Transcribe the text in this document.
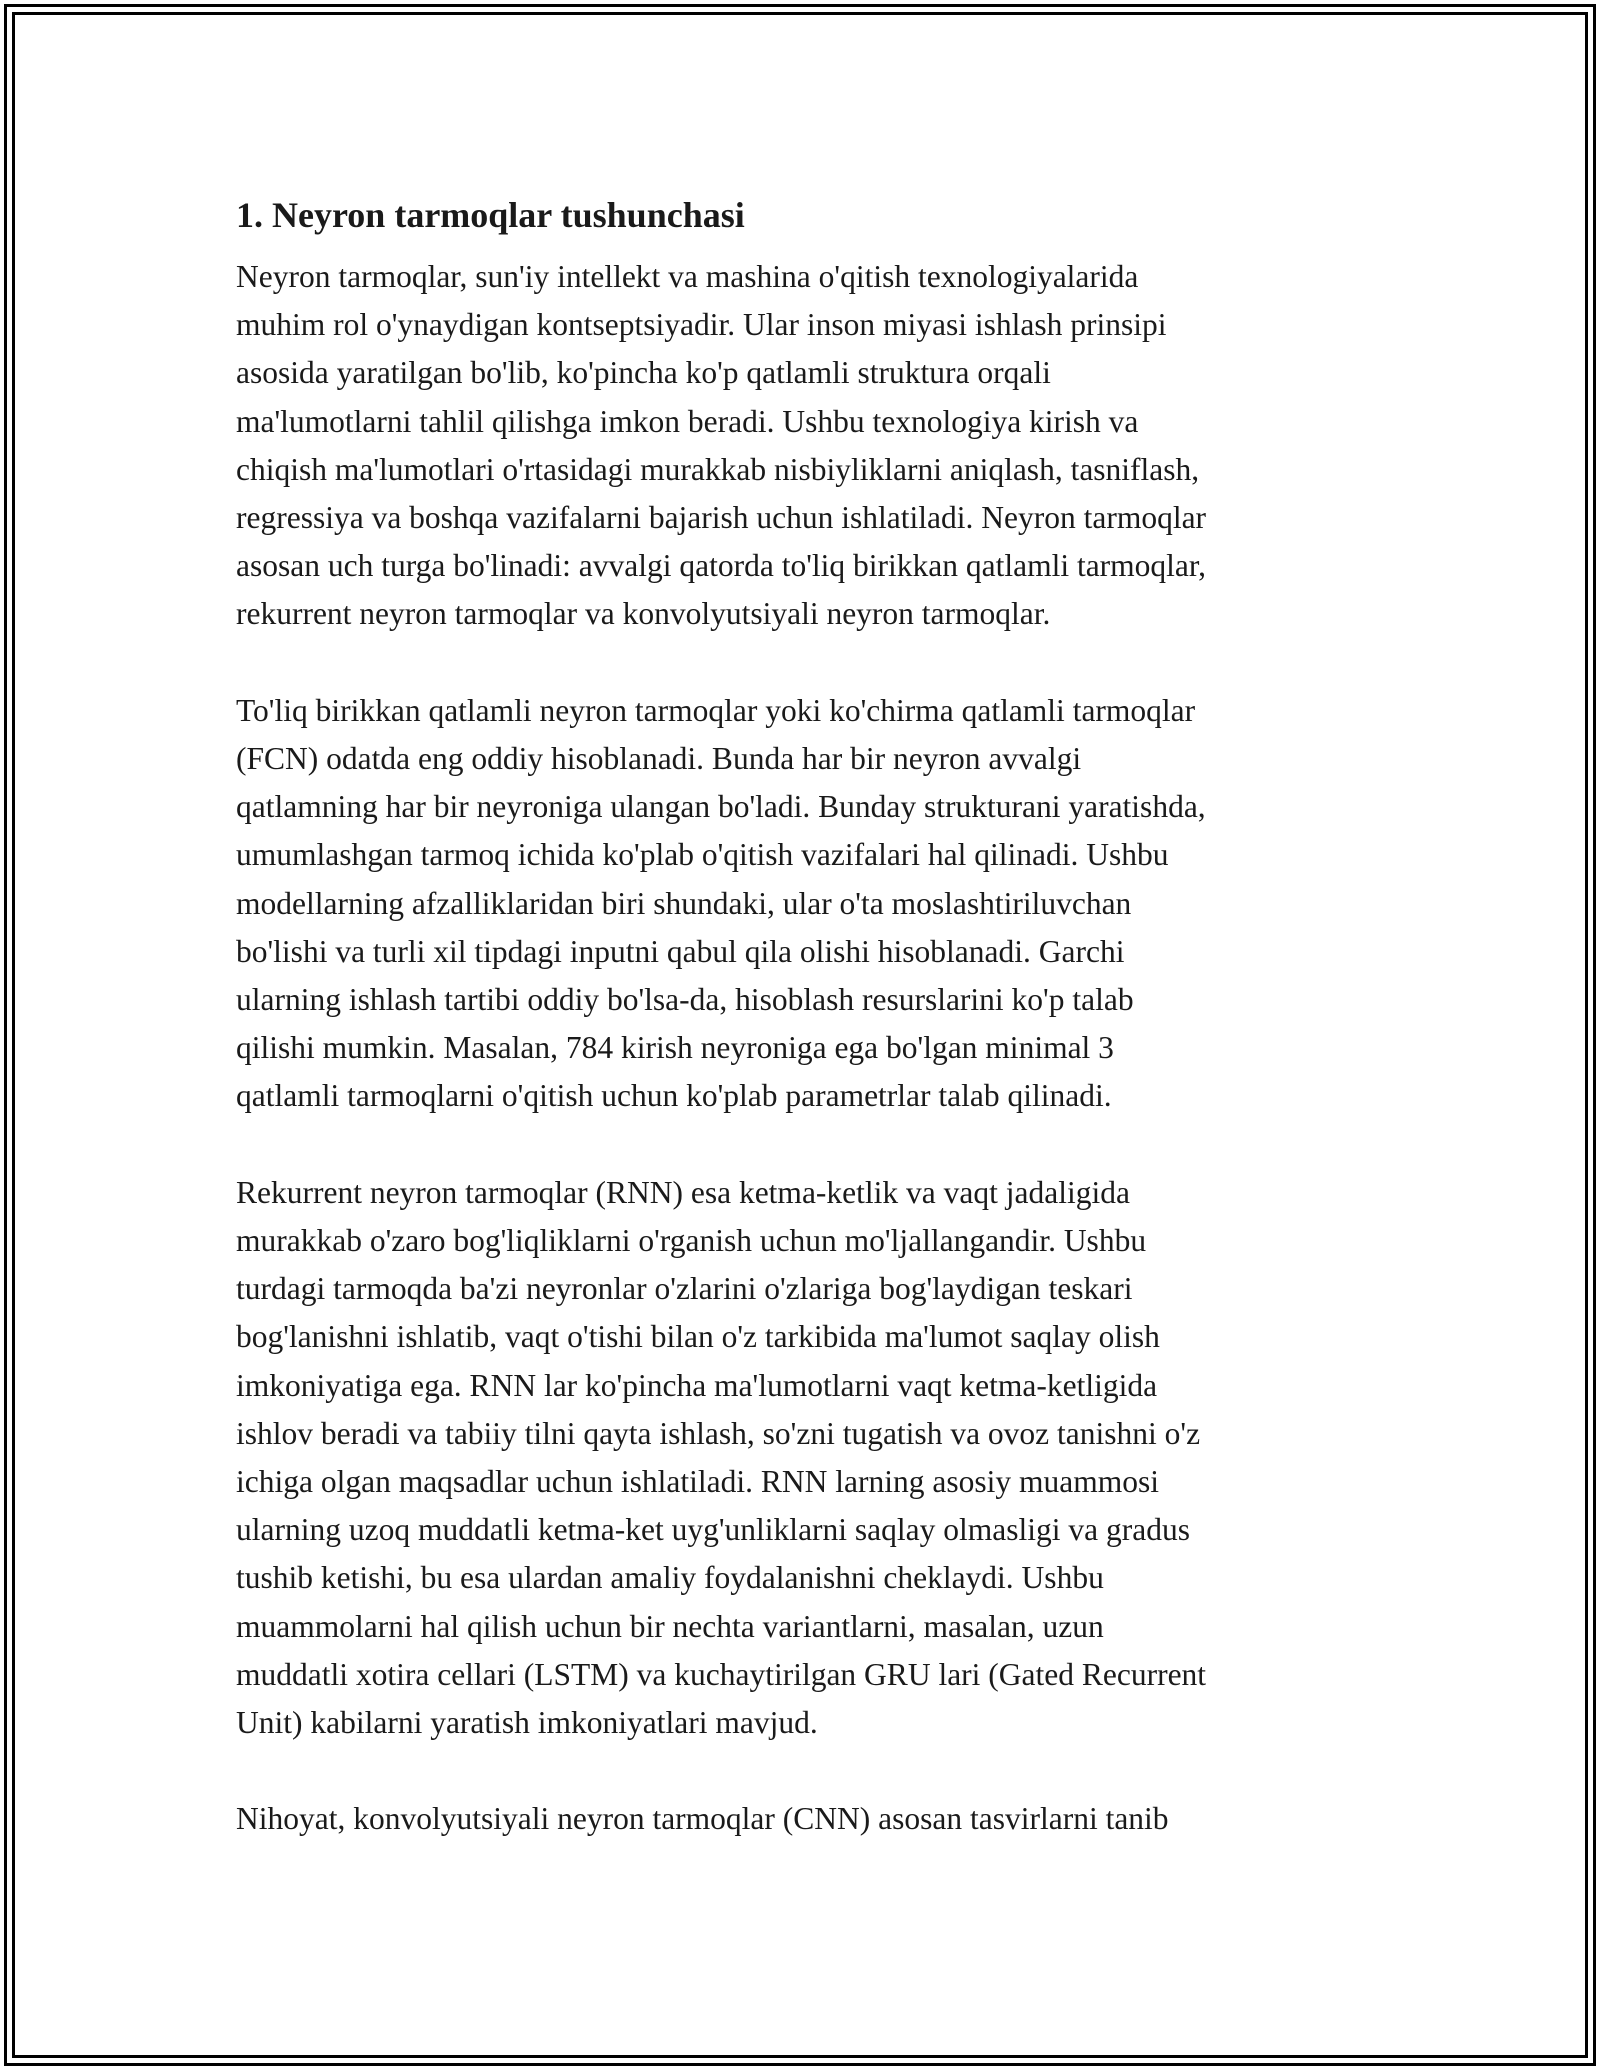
1. Neyron tarmoqlar tushunchasi

Neyron tarmoqlar, sun'iy intellekt va mashina o'qitish texnologiyalarida
muhim rol o'ynaydigan kontseptsiyadir. Ular inson miyasi ishlash prinsipi
asosida yaratilgan bo'lib, ko'pincha ko'p qatlamli struktura orqali
ma'lumotlarni tahlil qilishga imkon beradi. Ushbu texnologiya kirish va
chiqish ma'lumotlari o'rtasidagi murakkab nisbiyliklarni aniqlash, tasniflash,
regressiya va boshqa vazifalarni bajarish uchun ishlatiladi. Neyron tarmoqlar
asosan uch turga bo'linadi: avvalgi qatorda to'liq birikkan qatlamli tarmoqlar,
rekurrent neyron tarmoqlar va konvolyutsiyali neyron tarmoqlar.

To'liq birikkan qatlamli neyron tarmoqlar yoki ko'chirma qatlamli tarmoqlar
(FCN) odatda eng oddiy hisoblanadi. Bunda har bir neyron avvalgi
qatlamning har bir neyroniga ulangan bo'ladi. Bunday strukturani yaratishda,
umumlashgan tarmoq ichida ko'plab o'qitish vazifalari hal qilinadi. Ushbu
modellarning afzalliklaridan biri shundaki, ular o'ta moslashtiriluvchan
bo'lishi va turli xil tipdagi inputni qabul qila olishi hisoblanadi. Garchi
ularning ishlash tartibi oddiy bo'lsa-da, hisoblash resurslarini ko'p talab
qilishi mumkin. Masalan, 784 kirish neyroniga ega bo'lgan minimal 3
qatlamli tarmoqlarni o'qitish uchun ko'plab parametrlar talab qilinadi.

Rekurrent neyron tarmoqlar (RNN) esa ketma-ketlik va vaqt jadaligida
murakkab o'zaro bog'liqliklarni o'rganish uchun mo'ljallangandir. Ushbu
turdagi tarmoqda ba'zi neyronlar o'zlarini o'zlariga bog'laydigan teskari
bog'lanishni ishlatib, vaqt o'tishi bilan o'z tarkibida ma'lumot saqlay olish
imkoniyatiga ega. RNN lar ko'pincha ma'lumotlarni vaqt ketma-ketligida
ishlov beradi va tabiiy tilni qayta ishlash, so'zni tugatish va ovoz tanishni o'z
ichiga olgan maqsadlar uchun ishlatiladi. RNN larning asosiy muammosi
ularning uzoq muddatli ketma-ket uyg'unliklarni saqlay olmasligi va gradus
tushib ketishi, bu esa ulardan amaliy foydalanishni cheklaydi. Ushbu
muammolarni hal qilish uchun bir nechta variantlarni, masalan, uzun
muddatli xotira cellari (LSTM) va kuchaytirilgan GRU lari (Gated Recurrent
Unit) kabilarni yaratish imkoniyatlari mavjud.

Nihoyat, konvolyutsiyali neyron tarmoqlar (CNN) asosan tasvirlarni tanib
